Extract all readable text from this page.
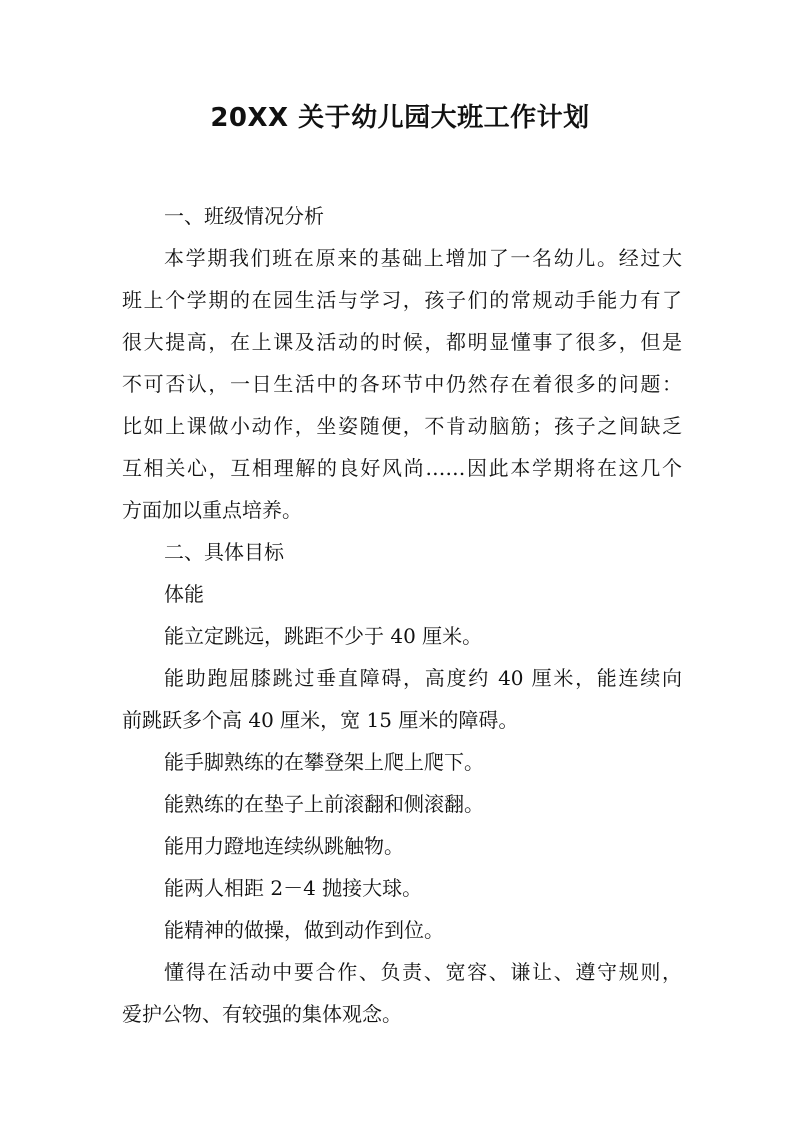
20XX 关于幼儿园大班工作计划
一、班级情况分析
本学期我们班在原来的基础上增加了一名幼儿。经过大
班上个学期的在园生活与学习，孩子们的常规动手能力有了
很大提高，在上课及活动的时候，都明显懂事了很多，但是
不可否认，一日生活中的各环节中仍然存在着很多的问题：
比如上课做小动作，坐姿随便，不肯动脑筋；孩子之间缺乏
互相关心，互相理解的良好风尚……因此本学期将在这几个
方面加以重点培养。
二、具体目标
体能
能立定跳远，跳距不少于 40 厘米。
能助跑屈膝跳过垂直障碍，高度约 40 厘米，能连续向
前跳跃多个高 40 厘米，宽 15 厘米的障碍。
能手脚熟练的在攀登架上爬上爬下。
能熟练的在垫子上前滚翻和侧滚翻。
能用力蹬地连续纵跳触物。
能两人相距 2－4 抛接大球。
能精神的做操，做到动作到位。
懂得在活动中要合作、负责、宽容、谦让、遵守规则，
爱护公物、有较强的集体观念。
